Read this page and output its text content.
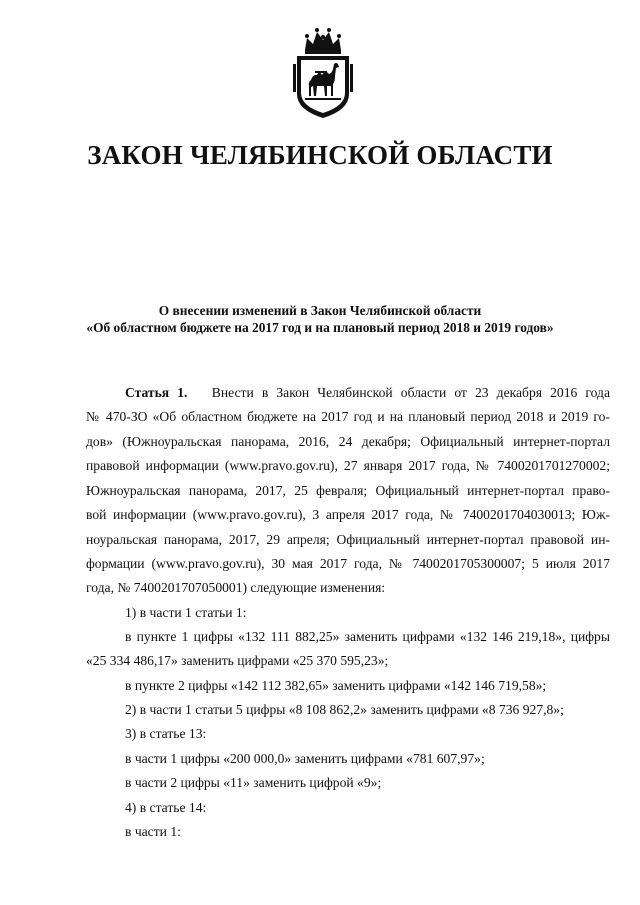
ЗАКОН ЧЕЛЯБИНСКОЙ ОБЛАСТИ
О внесении изменений в Закон Челябинской области
«Об областном бюджете на 2017 год и на плановый период 2018 и 2019 годов»
Статья 1. Внести в Закон Челябинской области от 23 декабря 2016 года
№ 470-ЗО «Об областном бюджете на 2017 год и на плановый период 2018 и 2019 го-
дов» (Южноуральская панорама, 2016, 24 декабря; Официальный интернет-портал
правовой информации (www.pravo.gov.ru), 27 января 2017 года, № 7400201701270002;
Южноуральская панорама, 2017, 25 февраля; Официальный интернет-портал право-
вой информации (www.pravo.gov.ru), 3 апреля 2017 года, № 7400201704030013; Юж-
ноуральская панорама, 2017, 29 апреля; Официальный интернет-портал правовой ин-
формации (www.pravo.gov.ru), 30 мая 2017 года, № 7400201705300007; 5 июля 2017
года, № 7400201707050001) следующие изменения:
1) в части 1 статьи 1:
в пункте 1 цифры «132 111 882,25» заменить цифрами «132 146 219,18», цифры
«25 334 486,17» заменить цифрами «25 370 595,23»;
в пункте 2 цифры «142 112 382,65» заменить цифрами «142 146 719,58»;
2) в части 1 статьи 5 цифры «8 108 862,2» заменить цифрами «8 736 927,8»;
3) в статье 13:
в части 1 цифры «200 000,0» заменить цифрами «781 607,97»;
в части 2 цифры «11» заменить цифрой «9»;
4) в статье 14:
в части 1:
